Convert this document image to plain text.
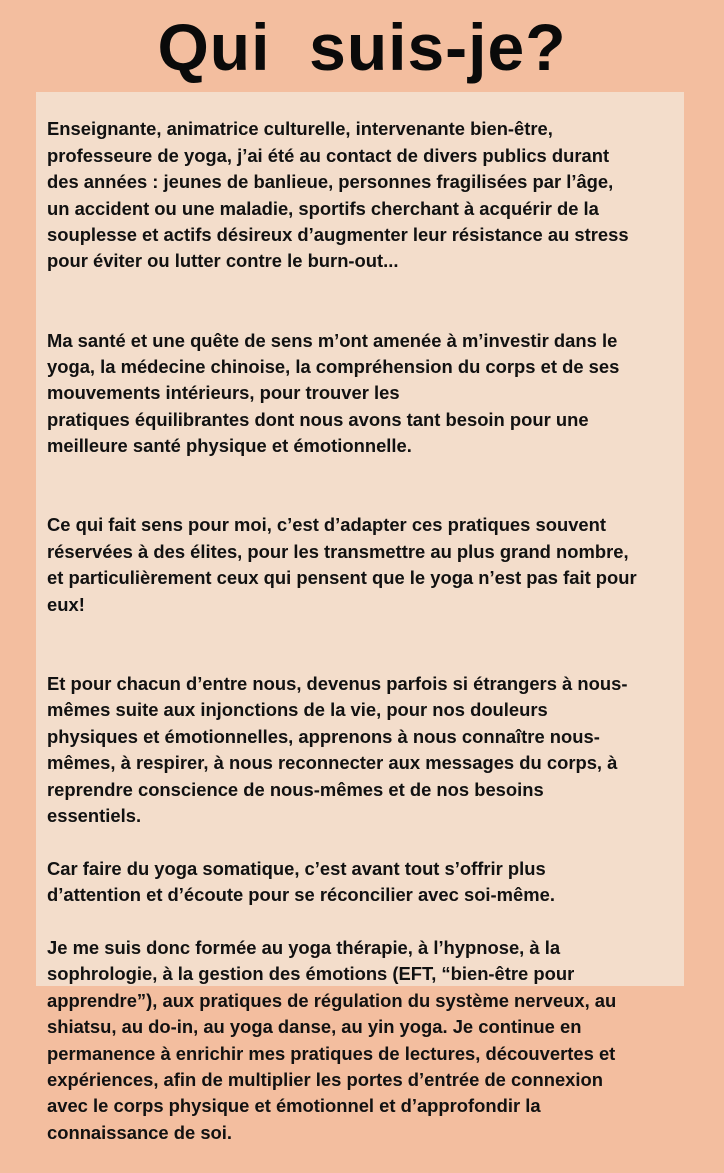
Qui  suis-je?

Enseignante, animatrice culturelle, intervenante bien-être,
professeure de yoga, j’ai été au contact de divers publics durant
des années : jeunes de banlieue, personnes fragilisées par l’âge,
un accident ou une maladie, sportifs cherchant à acquérir de la
souplesse et actifs désireux d’augmenter leur résistance au stress
pour éviter ou lutter contre le burn-out...

Ma santé et une quête de sens m’ont amenée à m’investir dans le
yoga, la médecine chinoise, la compréhension du corps et de ses
mouvements intérieurs, pour trouver les
pratiques équilibrantes dont nous avons tant besoin pour une
meilleure santé physique et émotionnelle.

Ce qui fait sens pour moi, c’est d’adapter ces pratiques souvent
réservées à des élites, pour les transmettre au plus grand nombre,
et particulièrement ceux qui pensent que le yoga n’est pas fait pour
eux!

Et pour chacun d’entre nous, devenus parfois si étrangers à nous-
mêmes suite aux injonctions de la vie, pour nos douleurs
physiques et émotionnelles, apprenons à nous connaître nous-
mêmes, à respirer, à nous reconnecter aux messages du corps, à
reprendre conscience de nous-mêmes et de nos besoins
essentiels.

Car faire du yoga somatique, c’est avant tout s’offrir plus
d’attention et d’écoute pour se réconcilier avec soi-même.

Je me suis donc formée au yoga thérapie, à l’hypnose, à la
sophrologie, à la gestion des émotions (EFT, “bien-être pour
apprendre”), aux pratiques de régulation du système nerveux, au
shiatsu, au do-in, au yoga danse, au yin yoga. Je continue en
permanence à enrichir mes pratiques de lectures, découvertes et
expériences, afin de multiplier les portes d’entrée de connexion
avec le corps physique et émotionnel et d’approfondir la
connaissance de soi.
